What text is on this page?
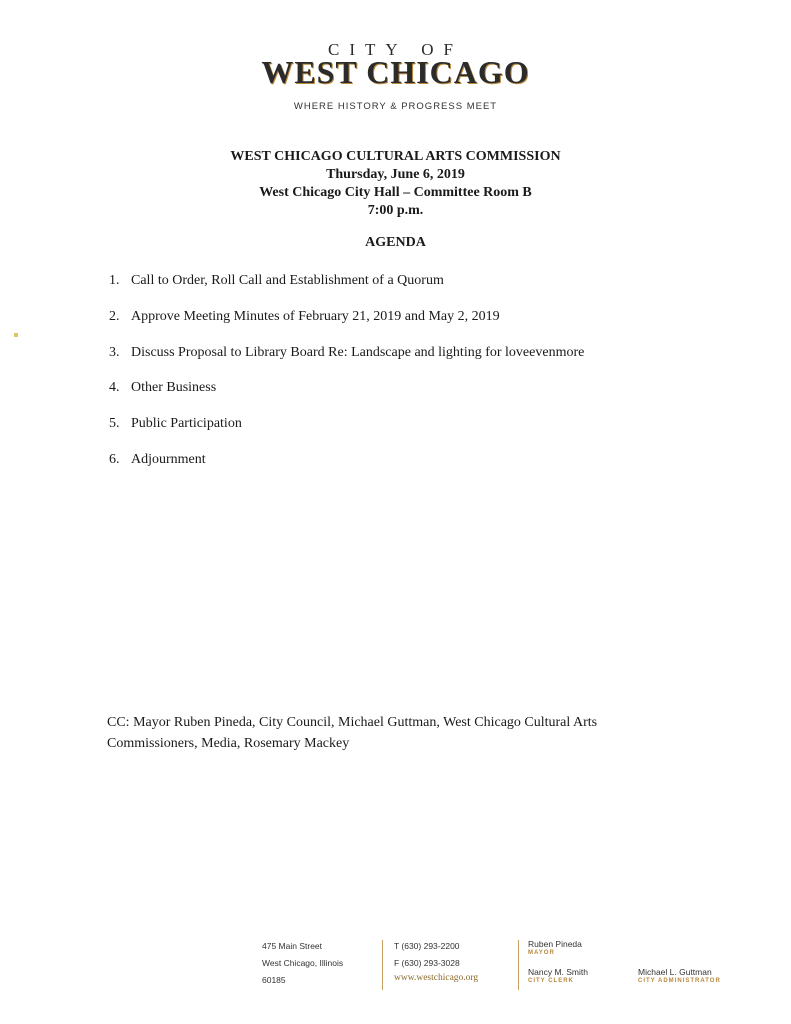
CITY OF
WEST CHICAGO
WHERE HISTORY & PROGRESS MEET
WEST CHICAGO CULTURAL ARTS COMMISSION
Thursday, June 6, 2019
West Chicago City Hall – Committee Room B
7:00 p.m.
AGENDA
1. Call to Order, Roll Call and Establishment of a Quorum
2. Approve Meeting Minutes of February 21, 2019 and May 2, 2019
3. Discuss Proposal to Library Board Re: Landscape and lighting for loveevenmore
4. Other Business
5. Public Participation
6. Adjournment
CC: Mayor Ruben Pineda, City Council, Michael Guttman, West Chicago Cultural Arts
Commissioners, Media, Rosemary Mackey
475 Main Street
West Chicago, Illinois
60185
T (630) 293-2200
F (630) 293-3028
www.westchicago.org
Ruben Pineda
MAYOR
Nancy M. Smith
CITY CLERK
Michael L. Guttman
CITY ADMINISTRATOR
